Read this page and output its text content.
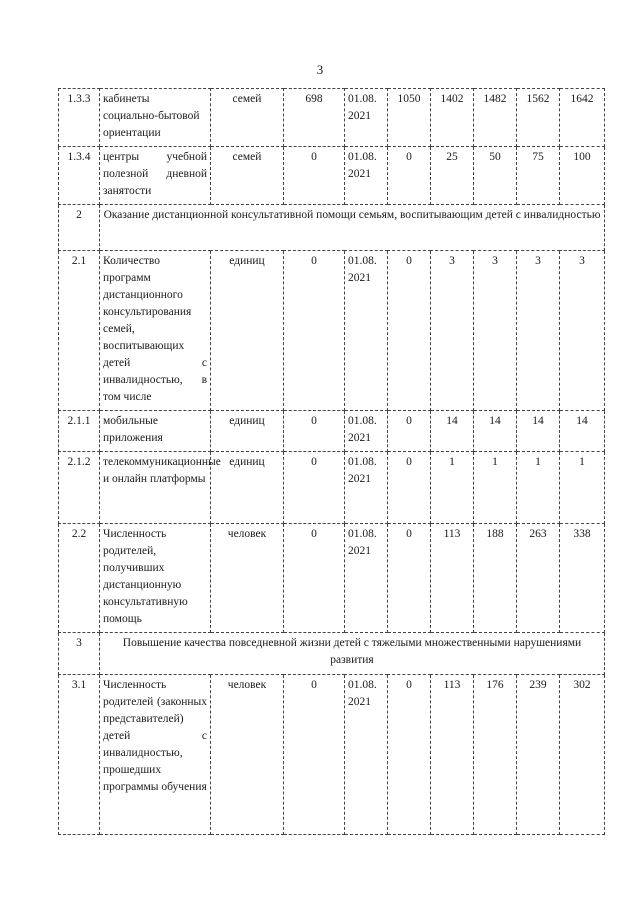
3
1.3.3	кабинеты социально-бытовой ориентации	семей	698	01.08. 2021	1050	1402	1482	1562	1642
1.3.4	центры учебной полезной дневной занятости	семей	0	01.08. 2021	0	25	50	75	100
2	Оказание дистанционной консультативной помощи семьям, воспитывающим детей с инвалидностью								
2.1	Количество программ дистанционного консультирования семей, воспитывающих детей с инвалидностью, в том числе	единиц	0	01.08. 2021	0	3	3	3	3
2.1.1	мобильные приложения	единиц	0	01.08. 2021	0	14	14	14	14
2.1.2	телекоммуникационные и онлайн платформы	единиц	0	01.08. 2021	0	1	1	1	1
2.2	Численность родителей, получивших дистанционную консультативную помощь	человек	0	01.08. 2021	0	113	188	263	338
3	Повышение качества повседневной жизни детей с тяжелыми множественными нарушениями развития								
3.1	Численность родителей (законных представителей) детей с инвалидностью, прошедших программы обучения	человек	0	01.08. 2021	0	113	176	239	302
